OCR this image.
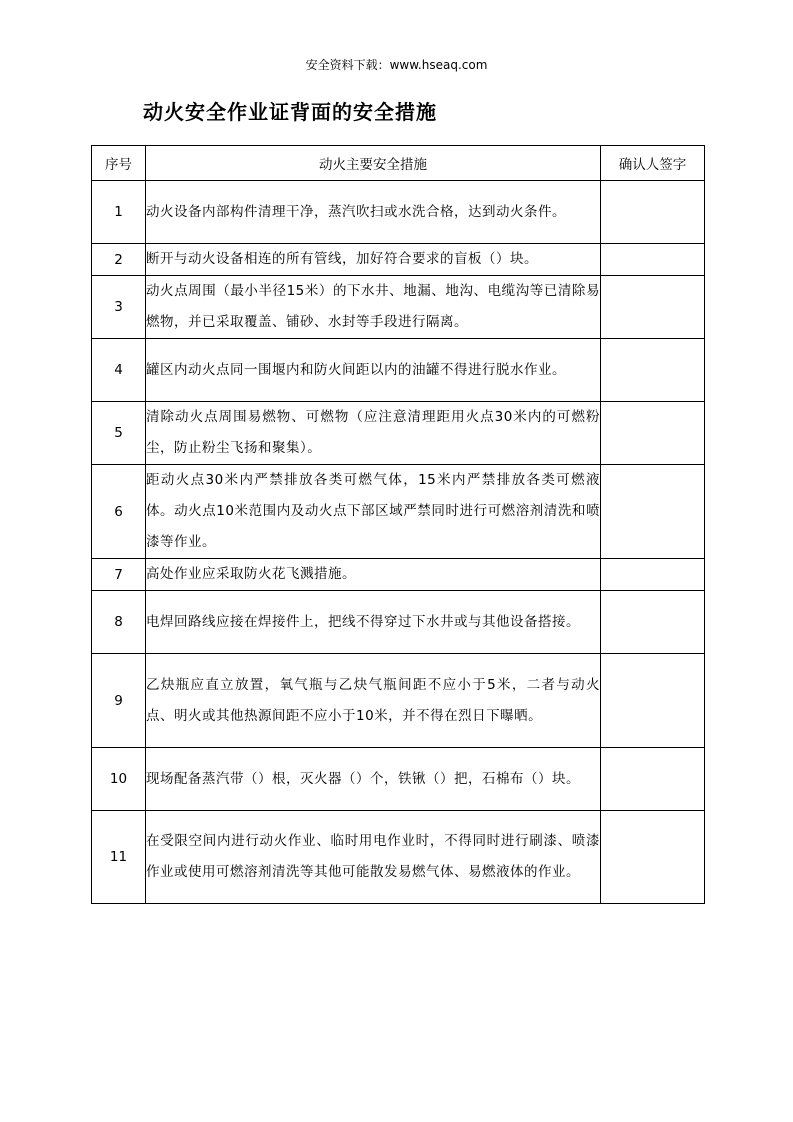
安全资料下载：www.hseaq.com
动火安全作业证背面的安全措施
序号	动火主要安全措施	确认人签字
1	动火设备内部构件清理干净，蒸汽吹扫或水洗合格，达到动火条件。	
2	断开与动火设备相连的所有管线，加好符合要求的盲板（）块。	
3	动火点周围（最小半径15米）的下水井、地漏、地沟、电缆沟等已清除易燃物，并已采取覆盖、铺砂、水封等手段进行隔离。	
4	罐区内动火点同一围堰内和防火间距以内的油罐不得进行脱水作业。	
5	清除动火点周围易燃物、可燃物（应注意清理距用火点30米内的可燃粉尘，防止粉尘飞扬和聚集）。	
6	距动火点30米内严禁排放各类可燃气体，15米内严禁排放各类可燃液体。动火点10米范围内及动火点下部区域严禁同时进行可燃溶剂清洗和喷漆等作业。	
7	高处作业应采取防火花飞溅措施。	
8	电焊回路线应接在焊接件上，把线不得穿过下水井或与其他设备搭接。	
9	乙炔瓶应直立放置，氧气瓶与乙炔气瓶间距不应小于5米，二者与动火点、明火或其他热源间距不应小于10米，并不得在烈日下曝晒。	
10	现场配备蒸汽带（）根，灭火器（）个，铁锹（）把，石棉布（）块。	
11	在受限空间内进行动火作业、临时用电作业时，不得同时进行刷漆、喷漆作业或使用可燃溶剂清洗等其他可能散发易燃气体、易燃液体的作业。	
